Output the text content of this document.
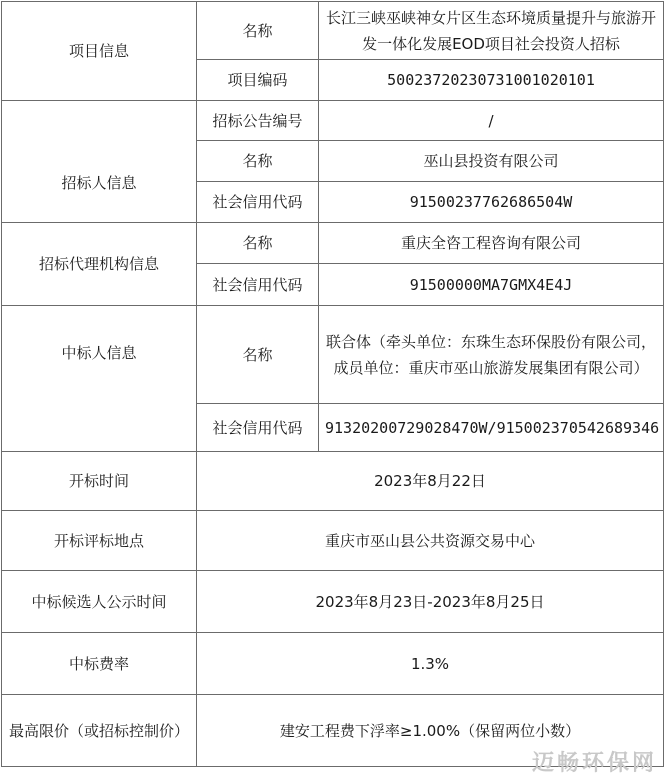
项目信息	名称	长江三峡巫峡神女片区生态环境质量提升与旅游开发一体化发展EOD项目社会投资人招标
	项目编码	50023720230731001020101
招标人信息	招标公告编号	/
	名称	巫山县投资有限公司
	社会信用代码	91500237762686504W
招标代理机构信息	名称	重庆全咨工程咨询有限公司
	社会信用代码	91500000MA7GMX4E4J
中标人信息	名称	联合体（牵头单位：东珠生态环保股份有限公司，成员单位：重庆市巫山旅游发展集团有限公司）
	社会信用代码	91320200729028470W/915002370542689346
开标时间	2023年8月22日	
开标评标地点	重庆市巫山县公共资源交易中心	
中标候选人公示时间	2023年8月23日-2023年8月25日	
中标费率	1.3%	
最高限价（或招标控制价）	建安工程费下浮率≥1.00%（保留两位小数）	
迈畅环保网
